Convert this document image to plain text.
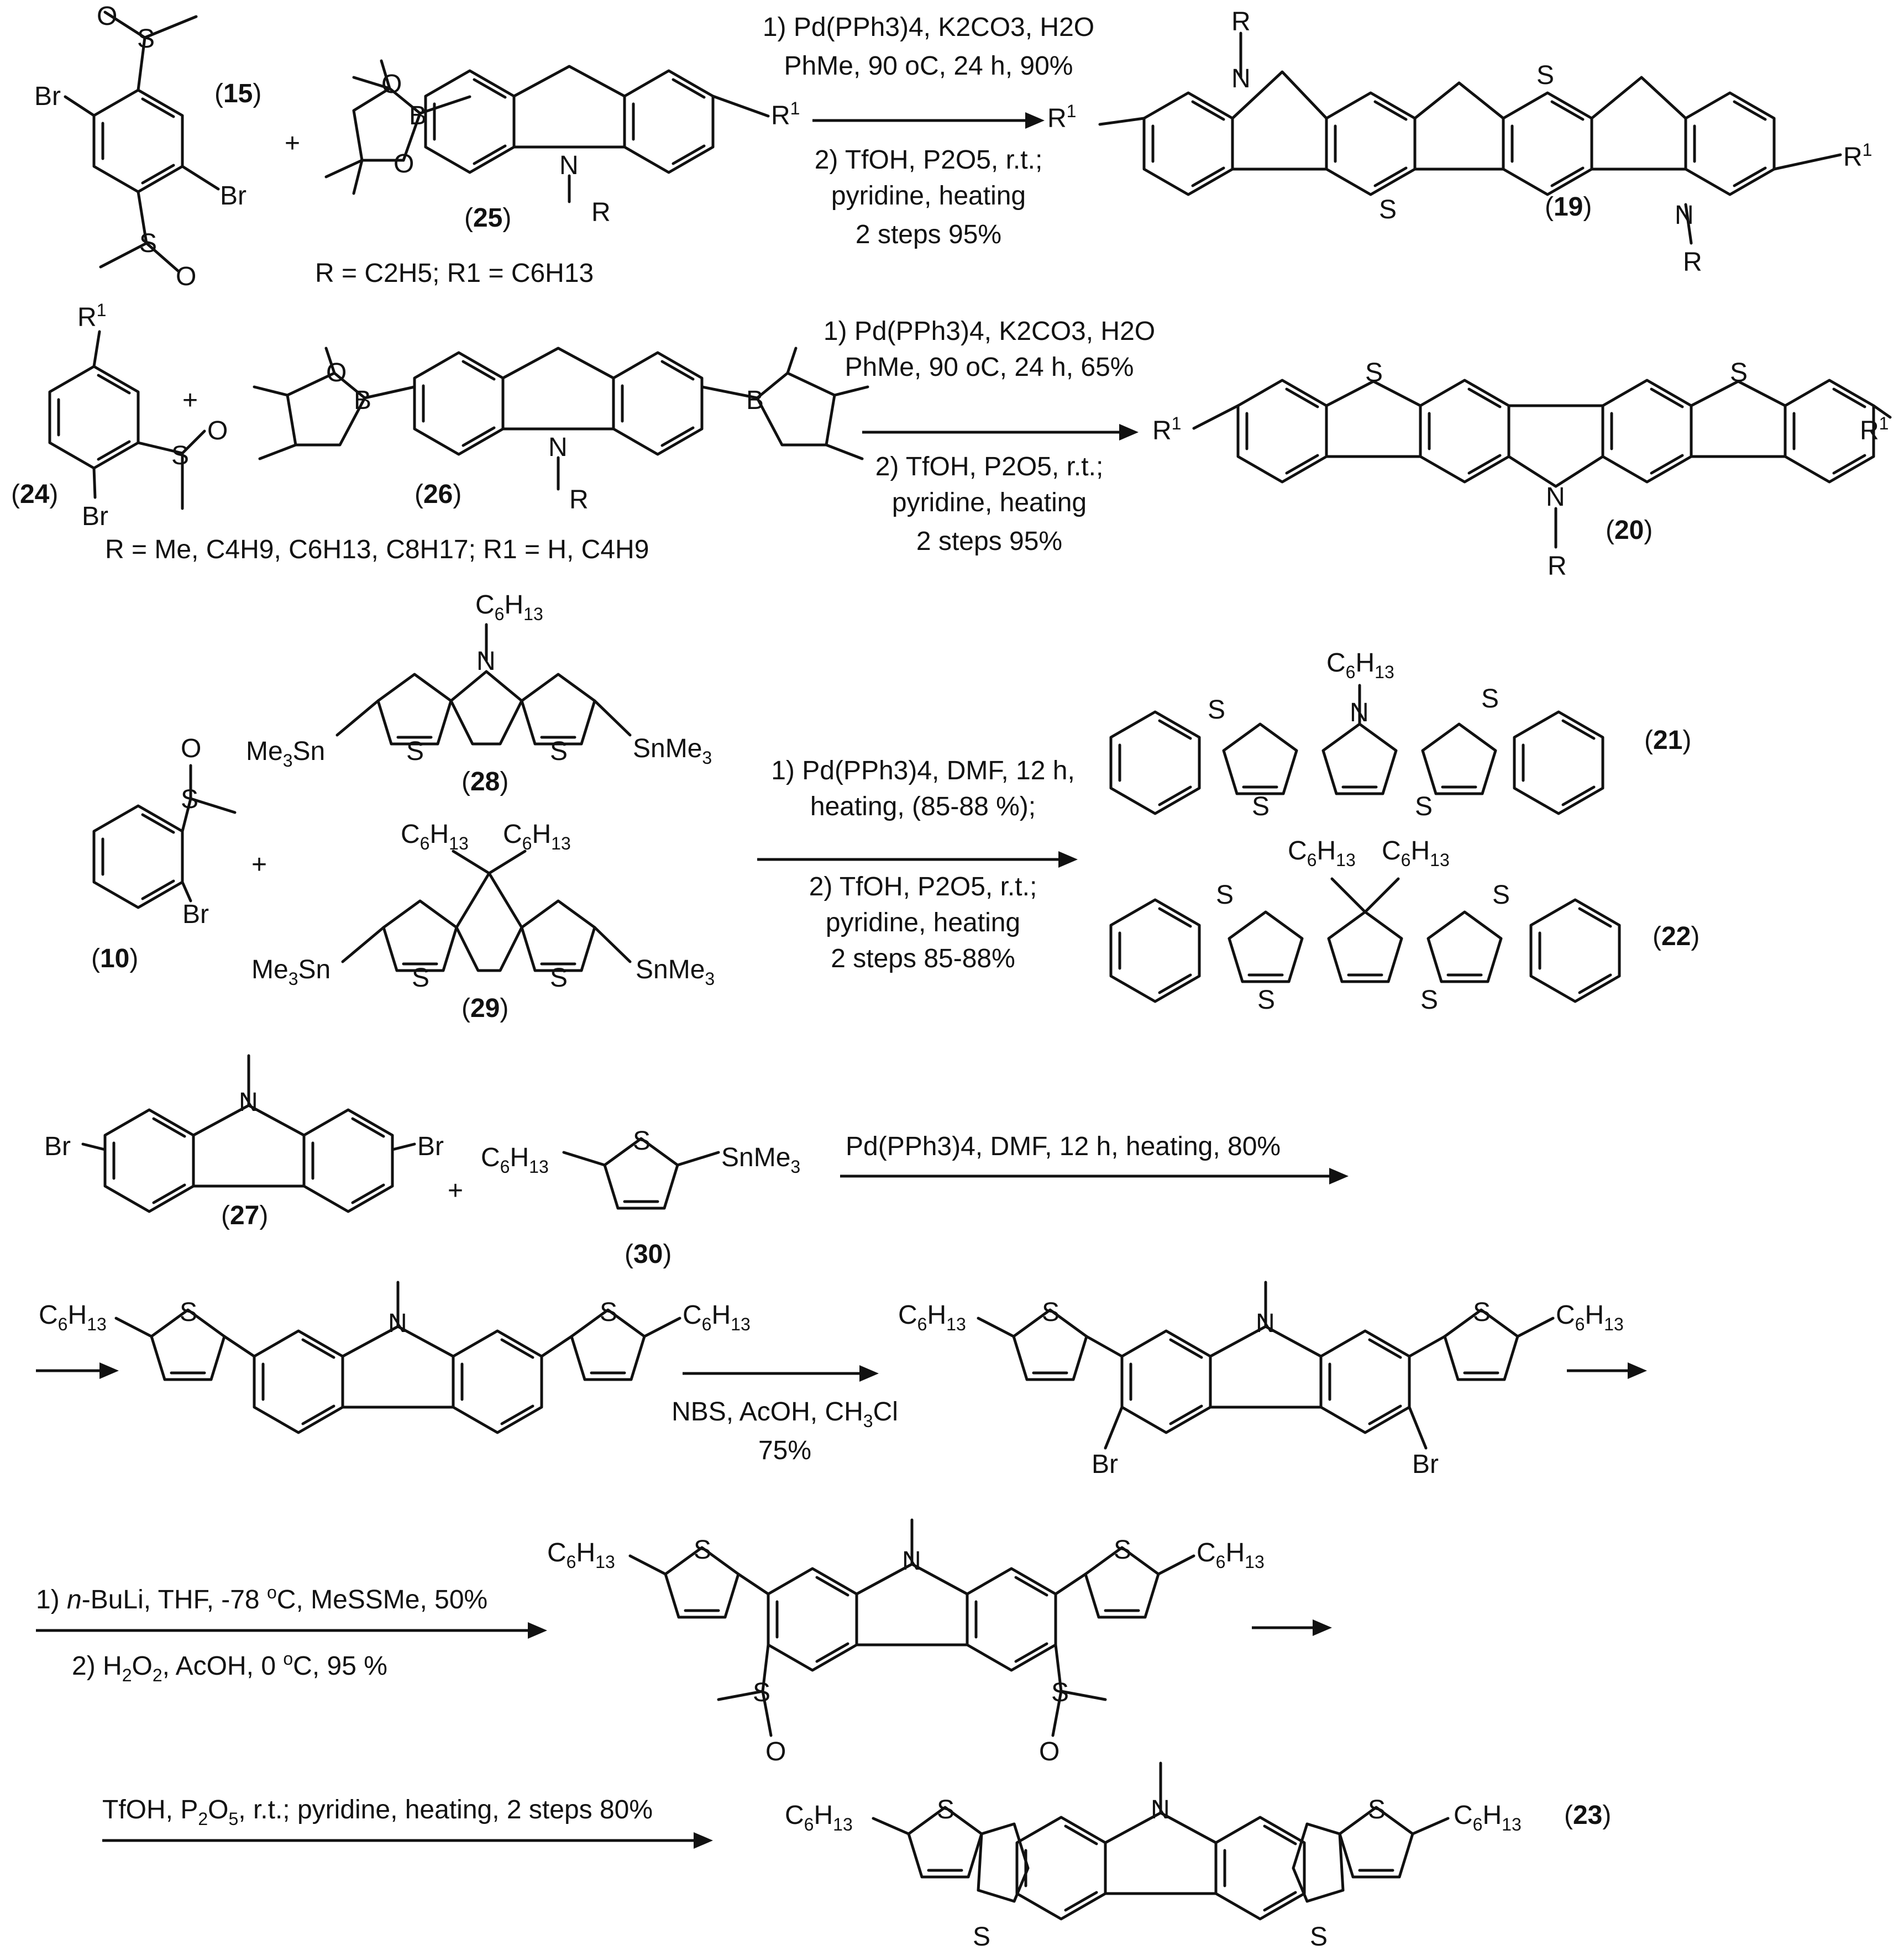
O
S
Br
Br
S
O
(15)
+
B
O
O	N
R
$R^1$
(25)
R = C2H5; R1 = C6H13
1) Pd(PPh3)4, K2CO3, H2O
PhMe, 90 oC, 24 h, 90%
2) TfOH, P2O5, r.t.;
pyridine, heating
2 steps 95%
N
R
$R^1$
S
S
$R^1$
N
R
(19)
$R^1$
Br
S
O
(24)
+	B	B
O
N
R
(26)
R = Me, C4H9, C6H13, C8H17; R1 = H, C4H9
1) Pd(PPh3)4, K2CO3, H2O
PhMe, 90 oC, 24 h, 65%
2) TfOH, P2O5, r.t.;
pyridine, heating
2 steps 95%
S	S
$R^1$	$R^1$
N
R
(20)
O
S
Br
(10)
+
$C_6H_{13}$
N
S	S
$Me_3Sn$	SnMe$_3$
(28)
$C_6H_{13}$ $C_6H_{13}$
S	S
$Me_3Sn$	SnMe$_3$
(29)
1) Pd(PPh3)4, DMF, 12 h,
heating, (85-88 %);
2) TfOH, P2O5, r.t.;
pyridine, heating
2 steps 85-88%
$C_6H_{13}$
N
S	S
S	S
(21)
$C_6H_{13}$ $C_6H_{13}$
S	S
S	S
(22)
N
Br	Br
(27)
+
$C_6H_{13}$
S
SnMe$_3$
(30)
Pd(PPh3)4, DMF, 12 h, heating, 80%
$C_6H_{13}$	S	N	S $C_6H_{13}$
NBS, AcOH, $CH_3Cl$
75%
$C_6H_{13}$	S	N	S $C_6H_{13}$
Br	Br
1) n-BuLi, THF, -78 $^o$C, MeSSMe, 50%
2) $H_2O_2$, AcOH, 0 $^o$C, 95 %
$C_6H_{13}$	S	N	S $C_6H_{13}$
S
O
S
O
TfOH, $P_2O_5$, r.t.; pyridine, heating, 2 steps 80%	$C_6H_{13}$	S	N	S	$C_6H_{13}$
S	S
(23)
